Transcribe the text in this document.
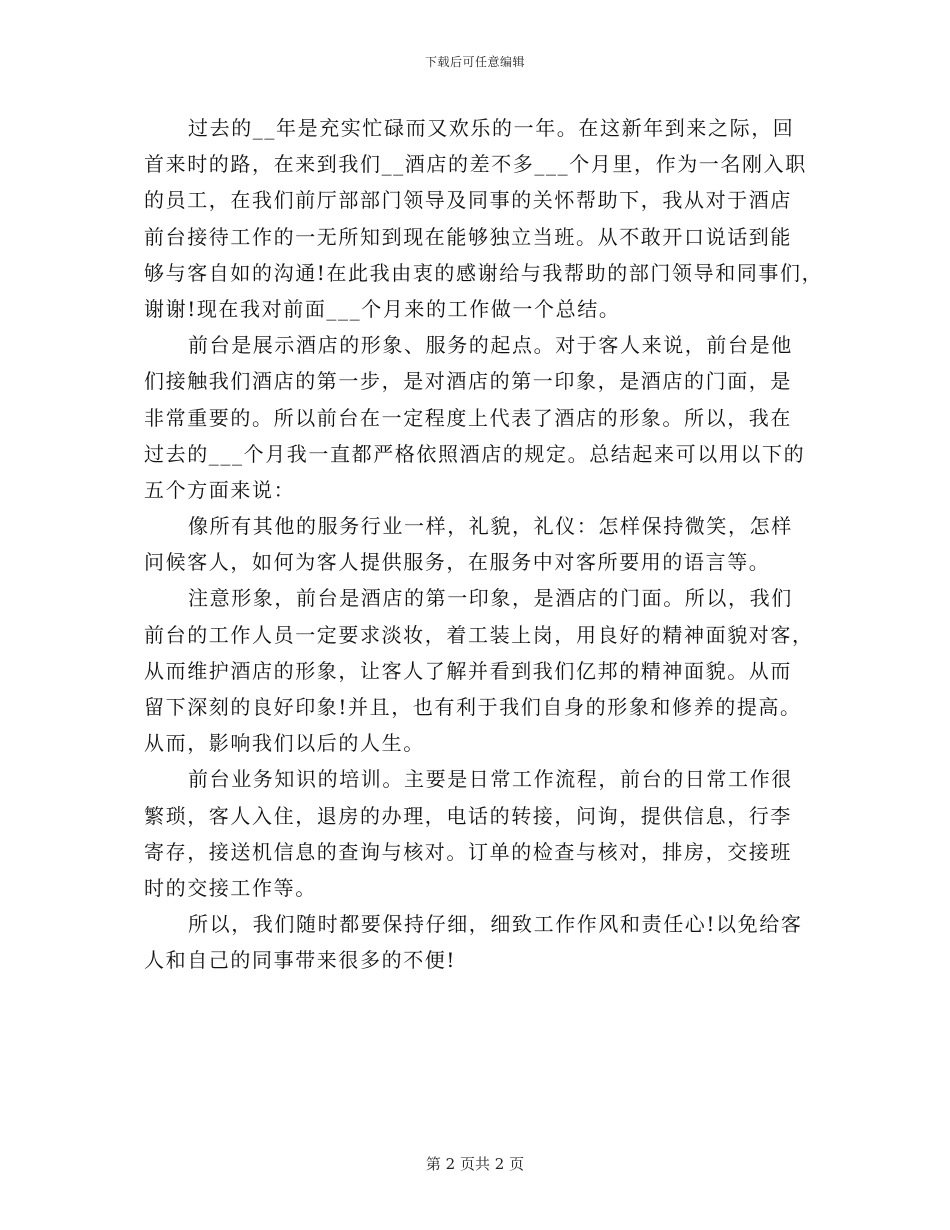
下载后可任意编辑
过去的__年是充实忙碌而又欢乐的一年。在这新年到来之际，回
首来时的路，在来到我们__酒店的差不多___个月里，作为一名刚入职
的员工，在我们前厅部部门领导及同事的关怀帮助下，我从对于酒店
前台接待工作的一无所知到现在能够独立当班。从不敢开口说话到能
够与客自如的沟通!在此我由衷的感谢给与我帮助的部门领导和同事们，
谢谢!现在我对前面___个月来的工作做一个总结。
前台是展示酒店的形象、服务的起点。对于客人来说，前台是他
们接触我们酒店的第一步，是对酒店的第一印象，是酒店的门面，是
非常重要的。所以前台在一定程度上代表了酒店的形象。所以，我在
过去的___个月我一直都严格依照酒店的规定。总结起来可以用以下的
五个方面来说：
像所有其他的服务行业一样，礼貌，礼仪：怎样保持微笑，怎样
问候客人，如何为客人提供服务，在服务中对客所要用的语言等。
注意形象，前台是酒店的第一印象，是酒店的门面。所以，我们
前台的工作人员一定要求淡妆，着工装上岗，用良好的精神面貌对客，
从而维护酒店的形象，让客人了解并看到我们亿邦的精神面貌。从而
留下深刻的良好印象!并且，也有利于我们自身的形象和修养的提高。
从而，影响我们以后的人生。
前台业务知识的培训。主要是日常工作流程，前台的日常工作很
繁琐，客人入住，退房的办理，电话的转接，问询，提供信息，行李
寄存，接送机信息的查询与核对。订单的检查与核对，排房，交接班
时的交接工作等。
所以，我们随时都要保持仔细，细致工作作风和责任心!以免给客
人和自己的同事带来很多的不便!
第 2 页共 2 页
